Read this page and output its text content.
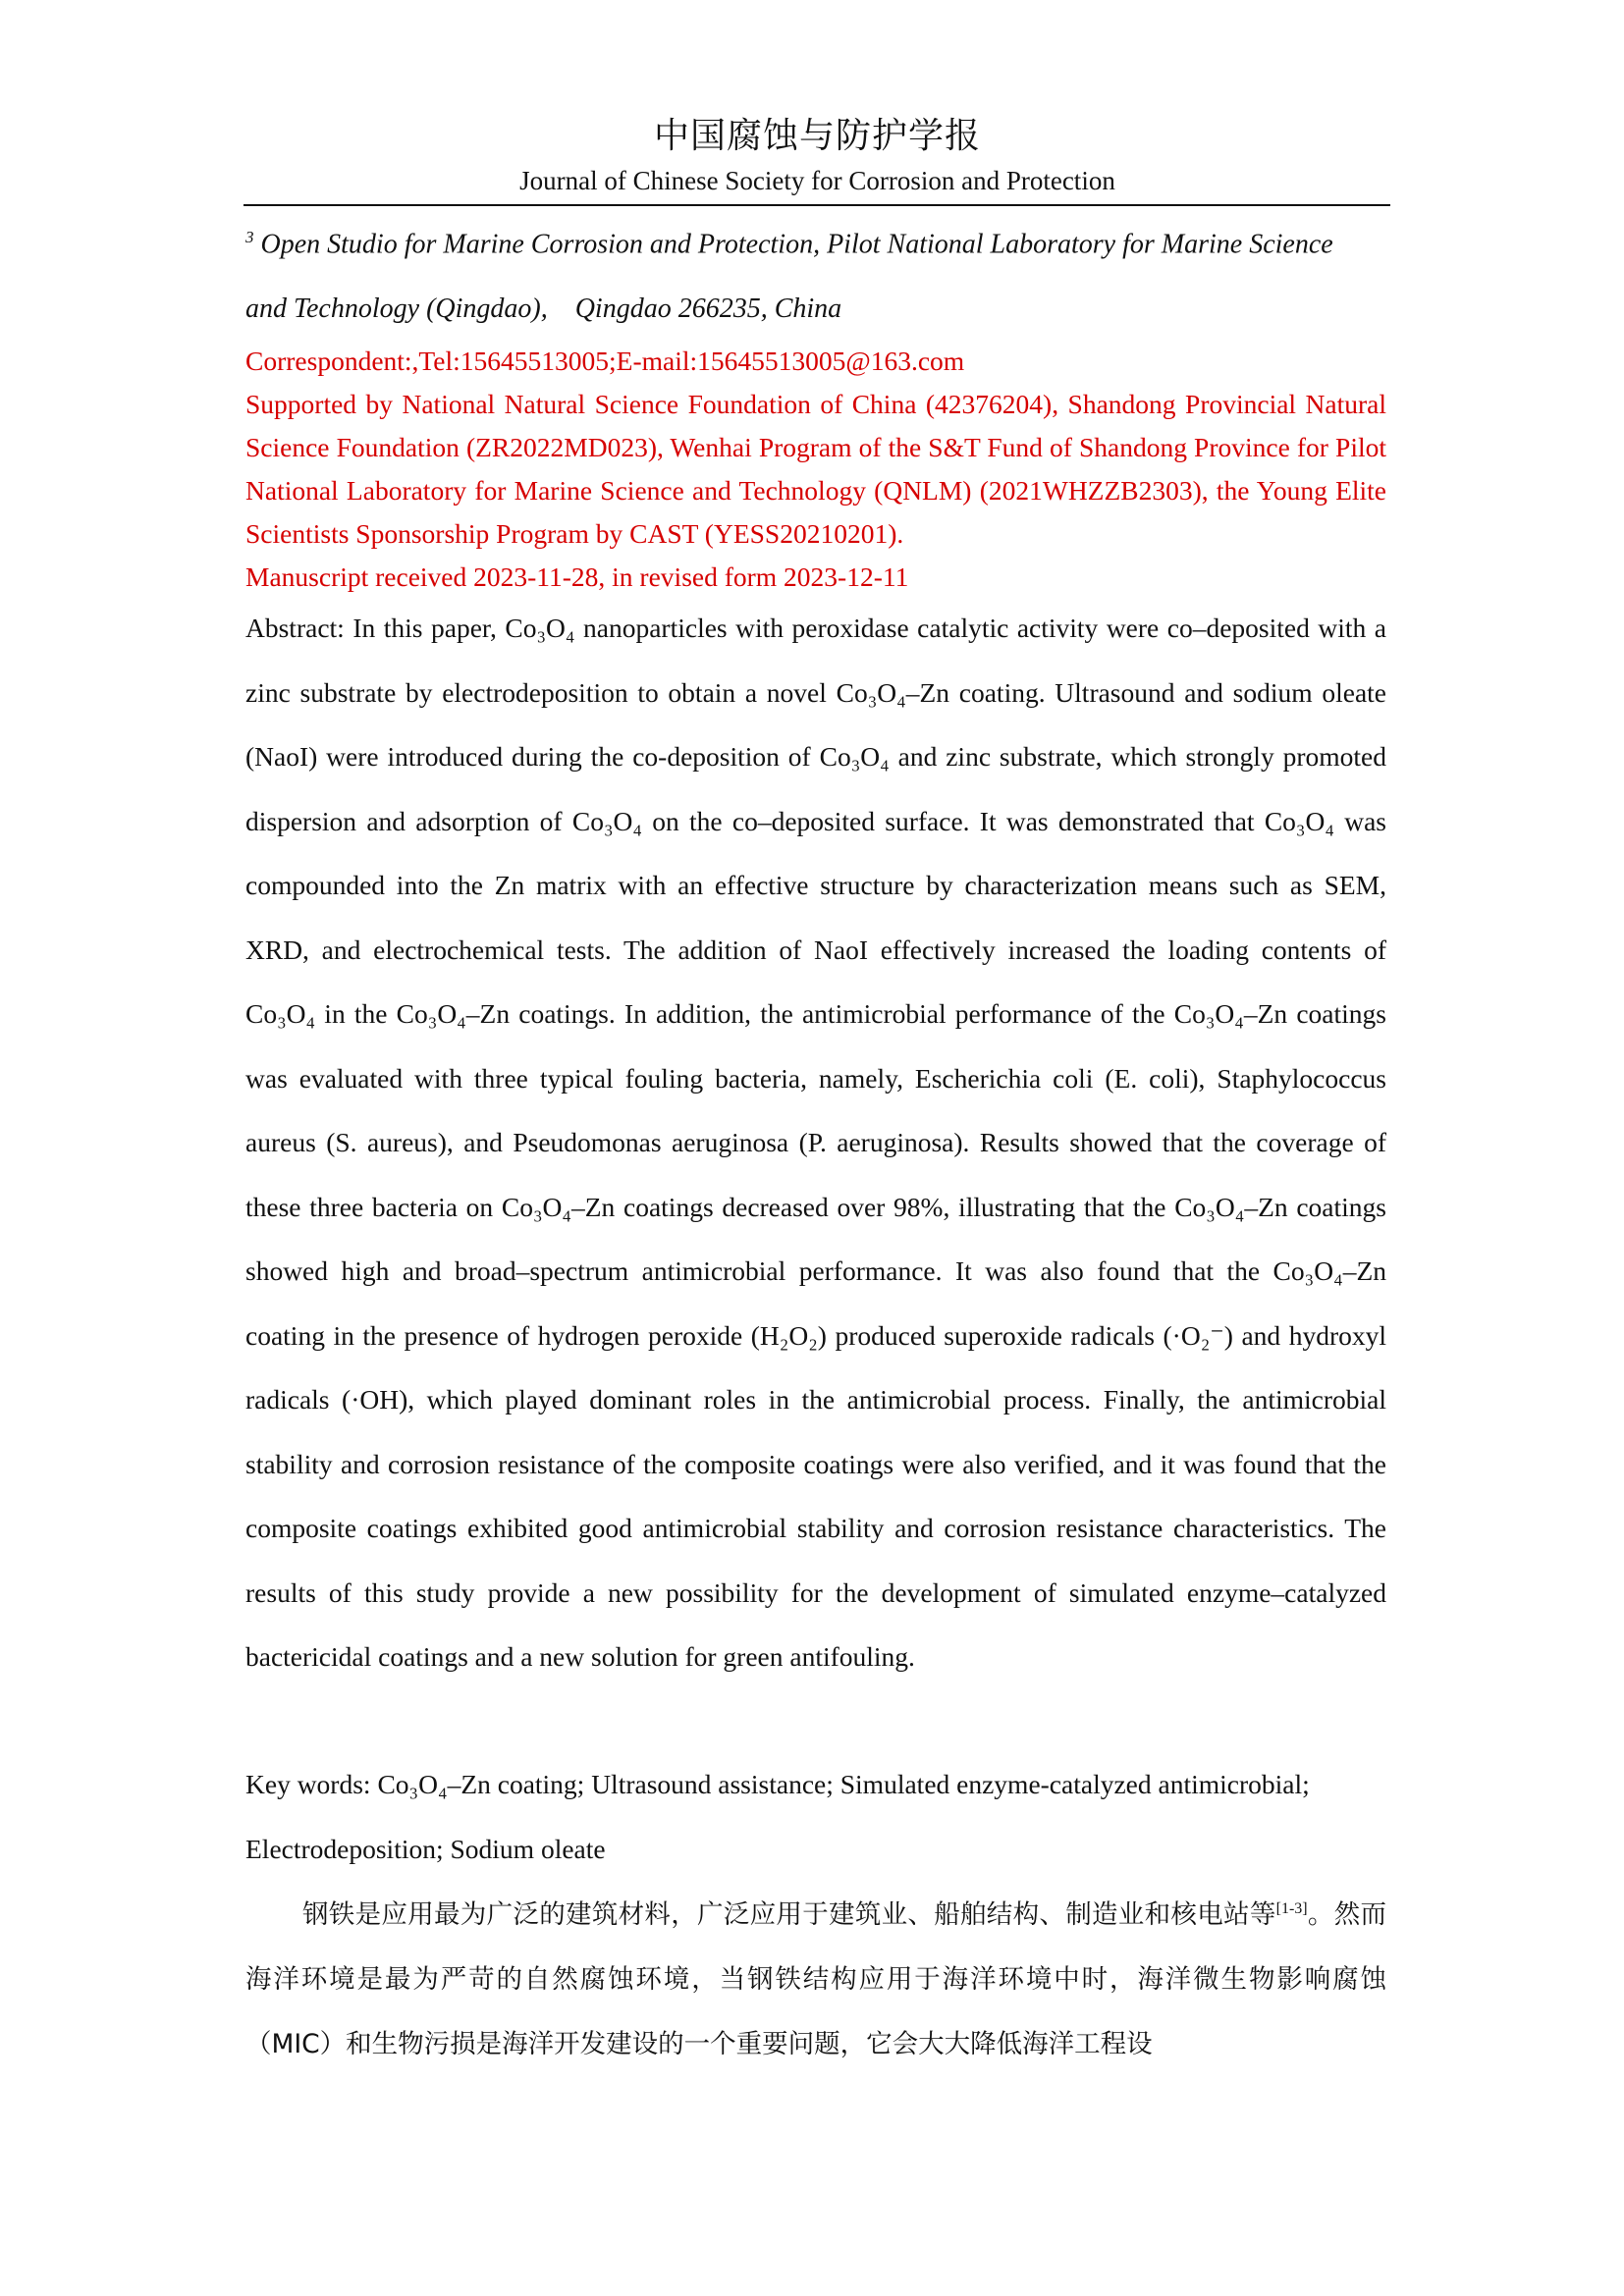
中国腐蚀与防护学报
Journal of Chinese Society for Corrosion and Protection
$^3$ Open Studio for Marine Corrosion and Protection, Pilot National Laboratory for Marine Science
and Technology (Qingdao),    Qingdao 266235, China

Correspondent:,Tel:15645513005;E-mail:15645513005@163.com

Supported by National Natural Science Foundation of China (42376204), Shandong Provincial Natural Science Foundation (ZR2022MD023), Wenhai Program of the S&T Fund of Shandong Province for Pilot National Laboratory for Marine Science and Technology (QNLM) (2021WHZZB2303), the Young Elite Scientists Sponsorship Program by CAST (YESS20210201).

Manuscript received 2023-11-28, in revised form 2023-12-11

Abstract: In this paper, Co₃O₄ nanoparticles with peroxidase catalytic activity were co–deposited with a zinc substrate by electrodeposition to obtain a novel Co₃O₄–Zn coating. Ultrasound and sodium oleate (NaoI) were introduced during the co-deposition of Co₃O₄ and zinc substrate, which strongly promoted dispersion and adsorption of Co₃O₄ on the co–deposited surface. It was demonstrated that Co₃O₄ was compounded into the Zn matrix with an effective structure by characterization means such as SEM, XRD, and electrochemical tests. The addition of NaoI effectively increased the loading contents of Co₃O₄ in the Co₃O₄–Zn coatings. In addition, the antimicrobial performance of the Co₃O₄–Zn coatings was evaluated with three typical fouling bacteria, namely, Escherichia coli (E. coli), Staphylococcus aureus (S. aureus), and Pseudomonas aeruginosa (P. aeruginosa). Results showed that the coverage of these three bacteria on Co₃O₄–Zn coatings decreased over 98%, illustrating that the Co₃O₄–Zn coatings showed high and broad–spectrum antimicrobial performance. It was also found that the Co₃O₄–Zn coating in the presence of hydrogen peroxide (H₂O₂) produced superoxide radicals (·O₂⁻) and hydroxyl radicals (·OH), which played dominant roles in the antimicrobial process. Finally, the antimicrobial stability and corrosion resistance of the composite coatings were also verified, and it was found that the composite coatings exhibited good antimicrobial stability and corrosion resistance characteristics. The results of this study provide a new possibility for the development of simulated enzyme–catalyzed bactericidal coatings and a new solution for green antifouling.

Key words: Co₃O₄–Zn coating; Ultrasound assistance; Simulated enzyme-catalyzed antimicrobial; Electrodeposition; Sodium oleate

钢铁是应用最为广泛的建筑材料，广泛应用于建筑业、船舶结构、制造业和核电站等[1-3]。然而海洋环境是最为严苛的自然腐蚀环境，当钢铁结构应用于海洋环境中时，海洋微生物影响腐蚀（MIC）和生物污损是海洋开发建设的一个重要问题，它会大大降低海洋工程设
